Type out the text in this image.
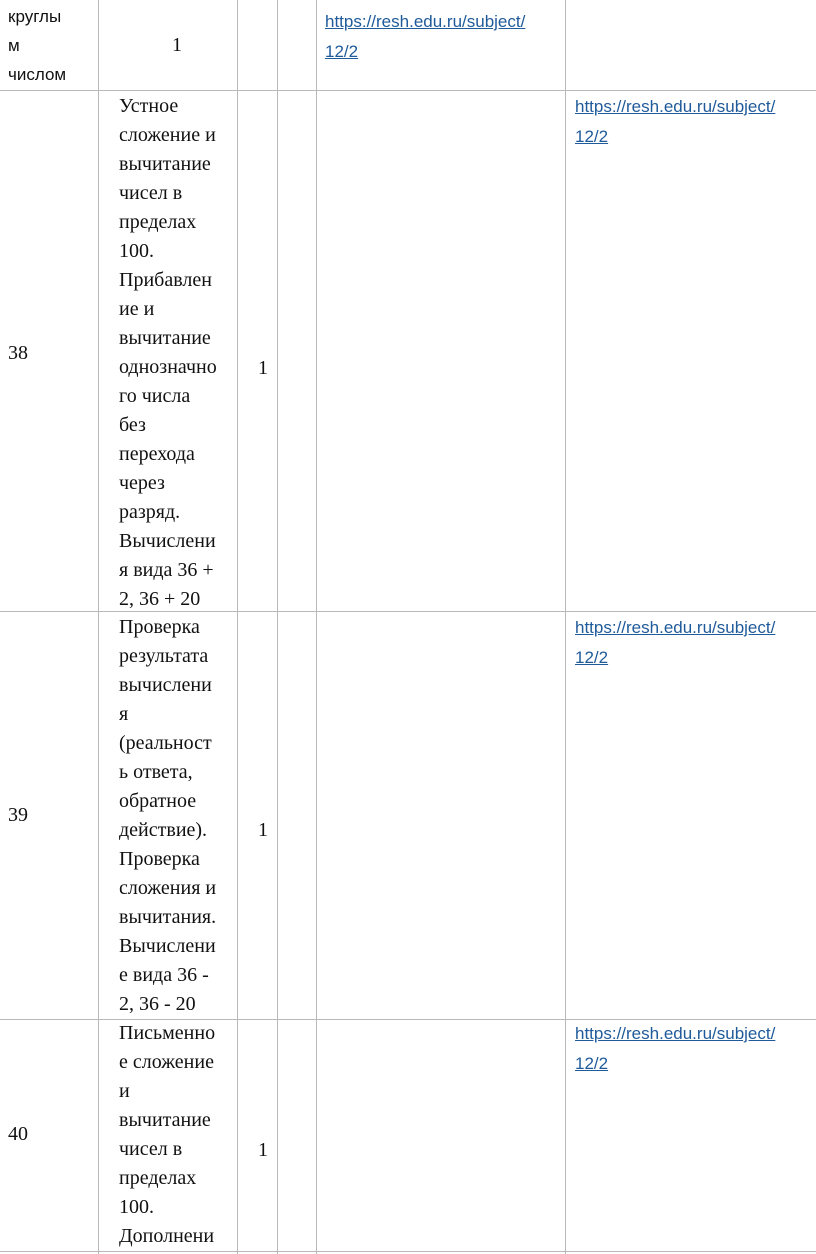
круглы
м
числом
1
https://resh.edu.ru/subject/
12/2
38
Устное
сложение и
вычитание
чисел в
пределах
100.
Прибавлен
ие и
вычитание
однозначно
го числа
без
перехода
через
разряд.
Вычислени
я вида 36 +
2, 36 + 20
1
https://resh.edu.ru/subject/
12/2
39
Проверка
результата
вычислени
я
(реальност
ь ответа,
обратное
действие).
Проверка
сложения и
вычитания.
Вычислени
е вида 36 -
2, 36 - 20
1
https://resh.edu.ru/subject/
12/2
40
Письменно
е сложение
и
вычитание
чисел в
пределах
100.
Дополнени
1
https://resh.edu.ru/subject/
12/2
